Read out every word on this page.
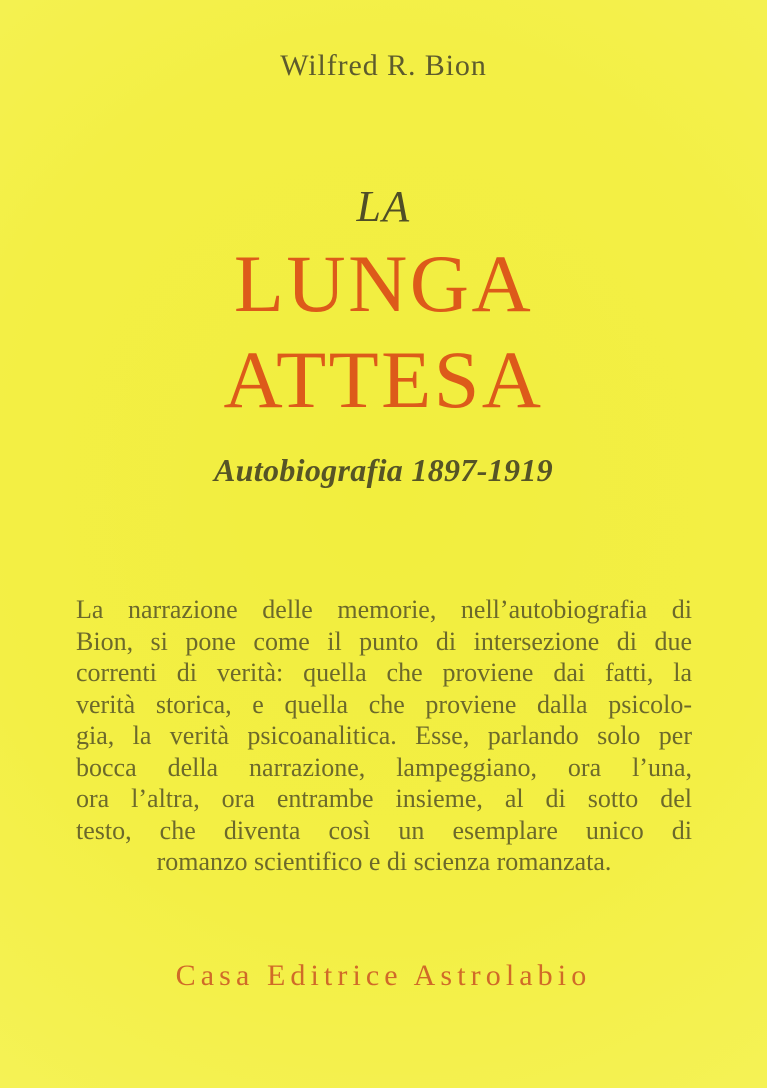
Wilfred R. Bion
LA
LUNGA
ATTESA
Autobiografia 1897-1919
La narrazione delle memorie, nell’autobiografia di
Bion, si pone come il punto di intersezione di due
correnti di verità: quella che proviene dai fatti, la
verità storica, e quella che proviene dalla psicolo-
gia, la verità psicoanalitica. Esse, parlando solo per
bocca della narrazione, lampeggiano, ora l’una,
ora l’altra, ora entrambe insieme, al di sotto del
testo, che diventa così un esemplare unico di
romanzo scientifico e di scienza romanzata.
Casa Editrice Astrolabio
